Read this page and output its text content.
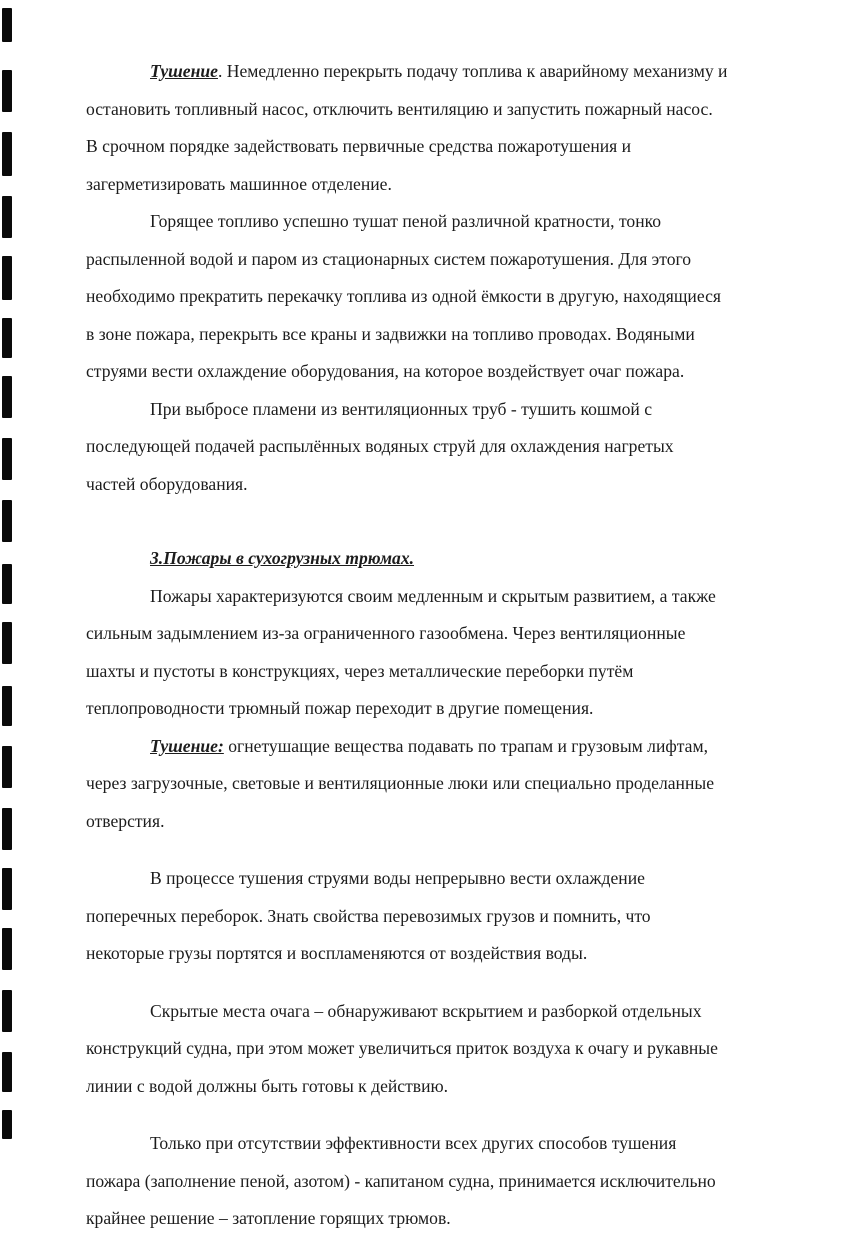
Тушение. Немедленно перекрыть подачу топлива к аварийному механизму и

остановить топливный насос, отключить вентиляцию и запустить пожарный насос.

В срочном порядке задействовать первичные средства пожаротушения и

загерметизировать машинное отделение.

Горящее топливо успешно тушат пеной различной кратности, тонко

распыленной водой и паром из стационарных систем пожаротушения. Для этого

необходимо прекратить перекачку топлива из одной ёмкости в другую, находящиеся

в зоне пожара, перекрыть все краны и задвижки на топливо проводах. Водяными

струями вести охлаждение оборудования, на которое воздействует очаг пожара.

При выбросе пламени из вентиляционных труб - тушить кошмой с

последующей подачей распылённых водяных струй для охлаждения нагретых

частей оборудования.

3.Пожары в сухогрузных трюмах.

Пожары характеризуются своим медленным и скрытым развитием, а также

сильным задымлением из-за ограниченного газообмена. Через вентиляционные

шахты и пустоты в конструкциях, через металлические переборки путём

теплопроводности трюмный пожар переходит в другие помещения.

Тушение: огнетушащие вещества подавать по трапам и грузовым лифтам,

через загрузочные, световые и вентиляционные люки или специально проделанные

отверстия.

В процессе тушения струями воды непрерывно вести охлаждение

поперечных переборок. Знать свойства перевозимых грузов и помнить, что

некоторые грузы портятся и воспламеняются от воздействия воды.

Скрытые места очага – обнаруживают вскрытием и разборкой отдельных

конструкций судна, при этом может увеличиться приток воздуха к очагу и рукавные

линии с водой должны быть готовы к действию.

Только при отсутствии эффективности всех других способов тушения

пожара (заполнение пеной, азотом) - капитаном судна, принимается исключительно

крайнее решение – затопление горящих трюмов.
